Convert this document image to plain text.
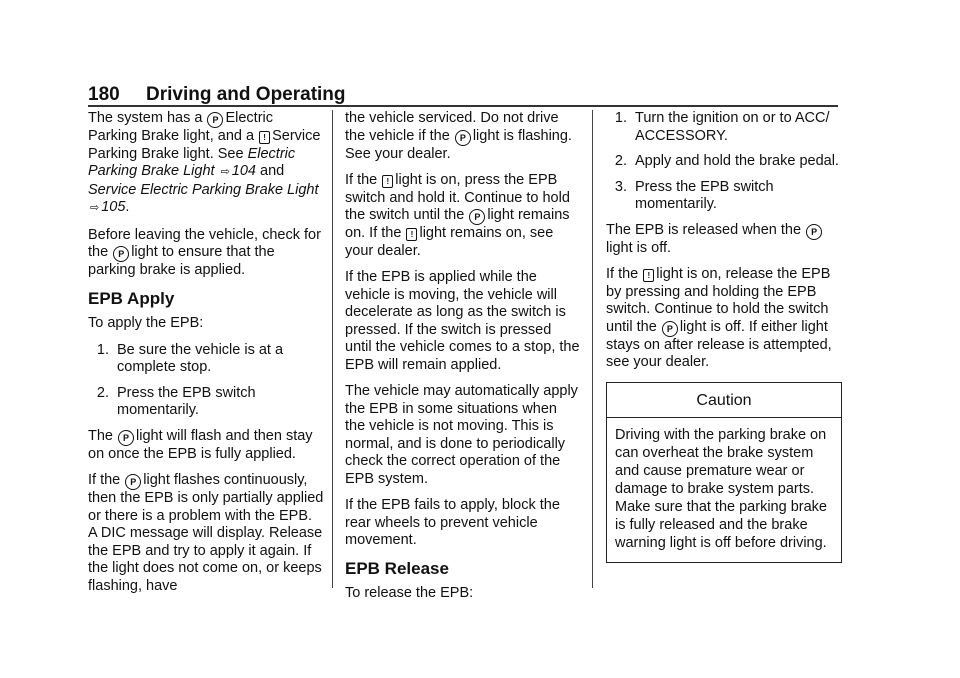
180 Driving and Operating

The system has a P Electric Parking Brake light, and a ! Service Parking Brake light. See Electric Parking Brake Light ⇨ 104 and Service Electric Parking Brake Light ⇨ 105.

Before leaving the vehicle, check for the P light to ensure that the parking brake is applied.

EPB Apply

To apply the EPB:

1. Be sure the vehicle is at a complete stop.
2. Press the EPB switch momentarily.

The P light will flash and then stay on once the EPB is fully applied.

If the P light flashes continuously, then the EPB is only partially applied or there is a problem with the EPB. A DIC message will display. Release the EPB and try to apply it again. If the light does not come on, or keeps flashing, have

the vehicle serviced. Do not drive the vehicle if the P light is flashing. See your dealer.

If the ! light is on, press the EPB switch and hold it. Continue to hold the switch until the P light remains on. If the ! light remains on, see your dealer.

If the EPB is applied while the vehicle is moving, the vehicle will decelerate as long as the switch is pressed. If the switch is pressed until the vehicle comes to a stop, the EPB will remain applied.

The vehicle may automatically apply the EPB in some situations when the vehicle is not moving. This is normal, and is done to periodically check the correct operation of the EPB system.

If the EPB fails to apply, block the rear wheels to prevent vehicle movement.

EPB Release

To release the EPB:

1. Turn the ignition on or to ACC/ ACCESSORY.
2. Apply and hold the brake pedal.
3. Press the EPB switch momentarily.

The EPB is released when the P
light is off.

If the ! light is on, release the EPB by pressing and holding the EPB switch. Continue to hold the switch until the P light is off. If either light stays on after release is attempted, see your dealer.

Caution
Driving with the parking brake on can overheat the brake system and cause premature wear or damage to brake system parts. Make sure that the parking brake is fully released and the brake warning light is off before driving.
